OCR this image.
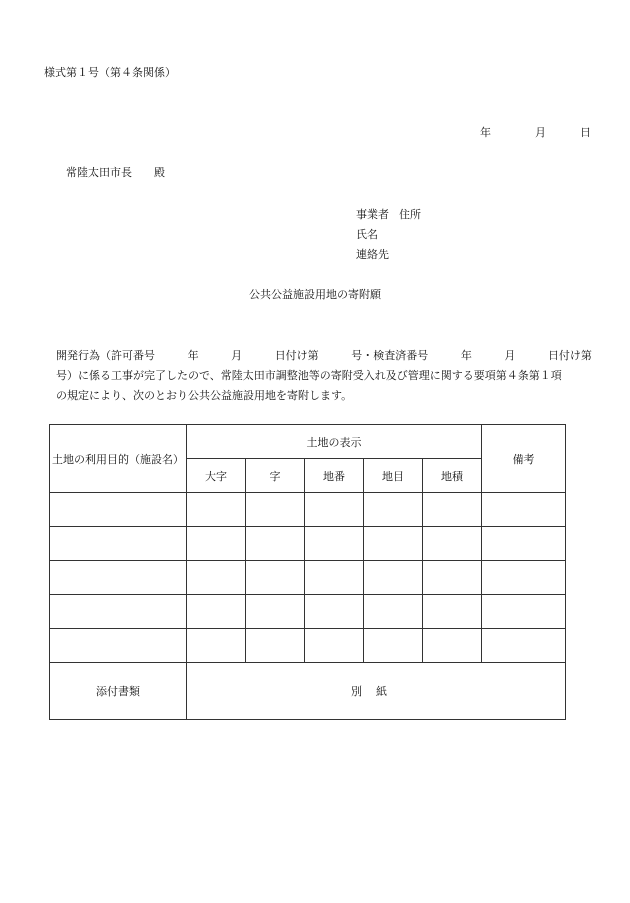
様式第１号（第４条関係）
年	月	日
常陸太田市長 殿
事業者 住所
氏名
連絡先
公共公益施設用地の寄附願
開発行為（許可番号	年	月	日付け第	号・検査済番号	年	月	日付け第
号）に係る工事が完了したので、常陸太田市調整池等の寄附受入れ及び管理に関する要項第４条第１項
の規定により、次のとおり公共公益施設用地を寄附します。
土地の利用目的（施設名）	土地の表示					備考
	大字	字	地番	地目	地積	

添付書類	別紙					
